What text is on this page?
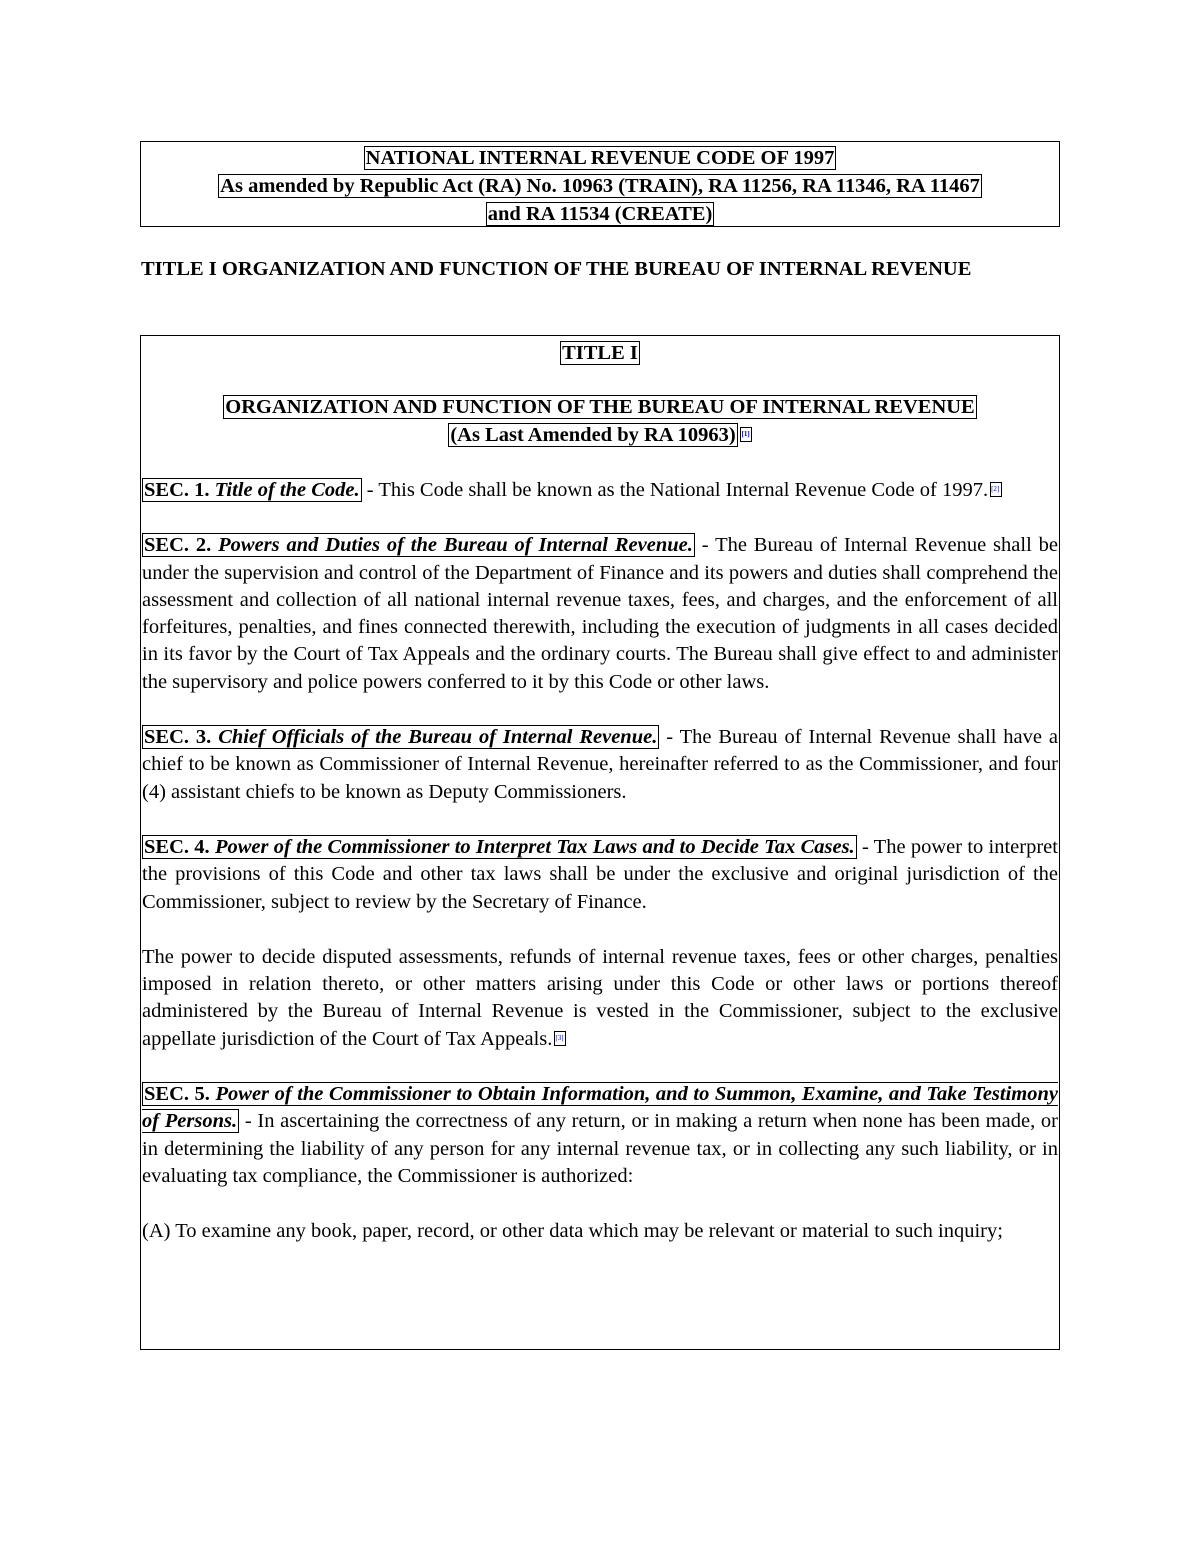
NATIONAL INTERNAL REVENUE CODE OF 1997
As amended by Republic Act (RA) No. 10963 (TRAIN), RA 11256, RA 11346, RA 11467
and RA 11534 (CREATE)
TITLE I ORGANIZATION AND FUNCTION OF THE BUREAU OF INTERNAL REVENUE
TITLE I
ORGANIZATION AND FUNCTION OF THE BUREAU OF INTERNAL REVENUE
(As Last Amended by RA 10963) [1]

SEC. 1. Title of the Code. - This Code shall be known as the National Internal Revenue Code of 1997. [2]

SEC. 2. Powers and Duties of the Bureau of Internal Revenue. - The Bureau of Internal Revenue shall be under the supervision and control of the Department of Finance and its powers and duties shall comprehend the assessment and collection of all national internal revenue taxes, fees, and charges, and the enforcement of all forfeitures, penalties, and fines connected therewith, including the execution of judgments in all cases decided in its favor by the Court of Tax Appeals and the ordinary courts. The Bureau shall give effect to and administer the supervisory and police powers conferred to it by this Code or other laws.

SEC. 3. Chief Officials of the Bureau of Internal Revenue. - The Bureau of Internal Revenue shall have a chief to be known as Commissioner of Internal Revenue, hereinafter referred to as the Commissioner, and four (4) assistant chiefs to be known as Deputy Commissioners.

SEC. 4. Power of the Commissioner to Interpret Tax Laws and to Decide Tax Cases. - The power to interpret the provisions of this Code and other tax laws shall be under the exclusive and original jurisdiction of the Commissioner, subject to review by the Secretary of Finance.

The power to decide disputed assessments, refunds of internal revenue taxes, fees or other charges, penalties imposed in relation thereto, or other matters arising under this Code or other laws or portions thereof administered by the Bureau of Internal Revenue is vested in the Commissioner, subject to the exclusive appellate jurisdiction of the Court of Tax Appeals. [3]

SEC. 5. Power of the Commissioner to Obtain Information, and to Summon, Examine, and Take Testimony of Persons. - In ascertaining the correctness of any return, or in making a return when none has been made, or in determining the liability of any person for any internal revenue tax, or in collecting any such liability, or in evaluating tax compliance, the Commissioner is authorized:

(A) To examine any book, paper, record, or other data which may be relevant or material to such inquiry;
